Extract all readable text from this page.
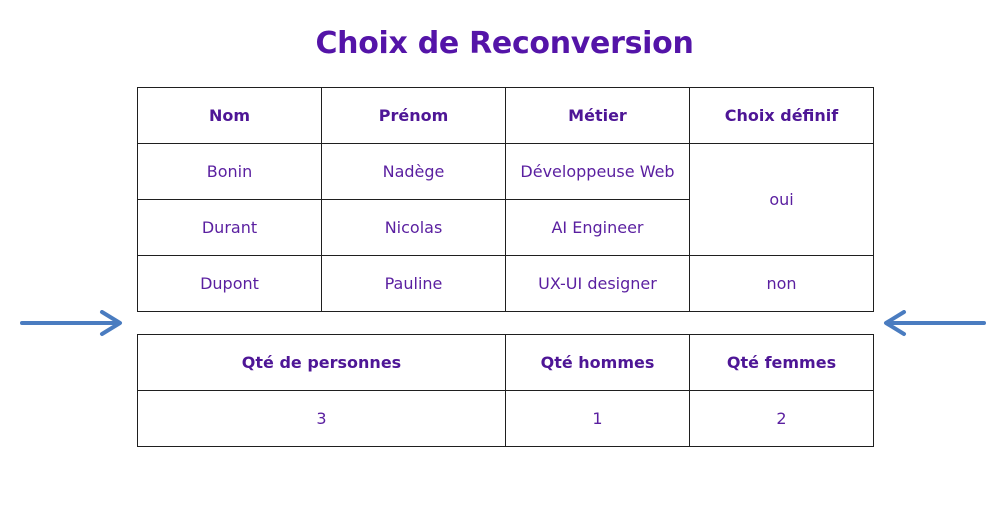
Choix de Reconversion
Nom	Prénom	Métier	Choix définif
Bonin	Nadège	Développeuse Web	oui
Durant	Nicolas	AI Engineer	
Dupont	Pauline	UX-UI designer	non
Qté de personnes	Qté hommes	Qté femmes
3	1	2
